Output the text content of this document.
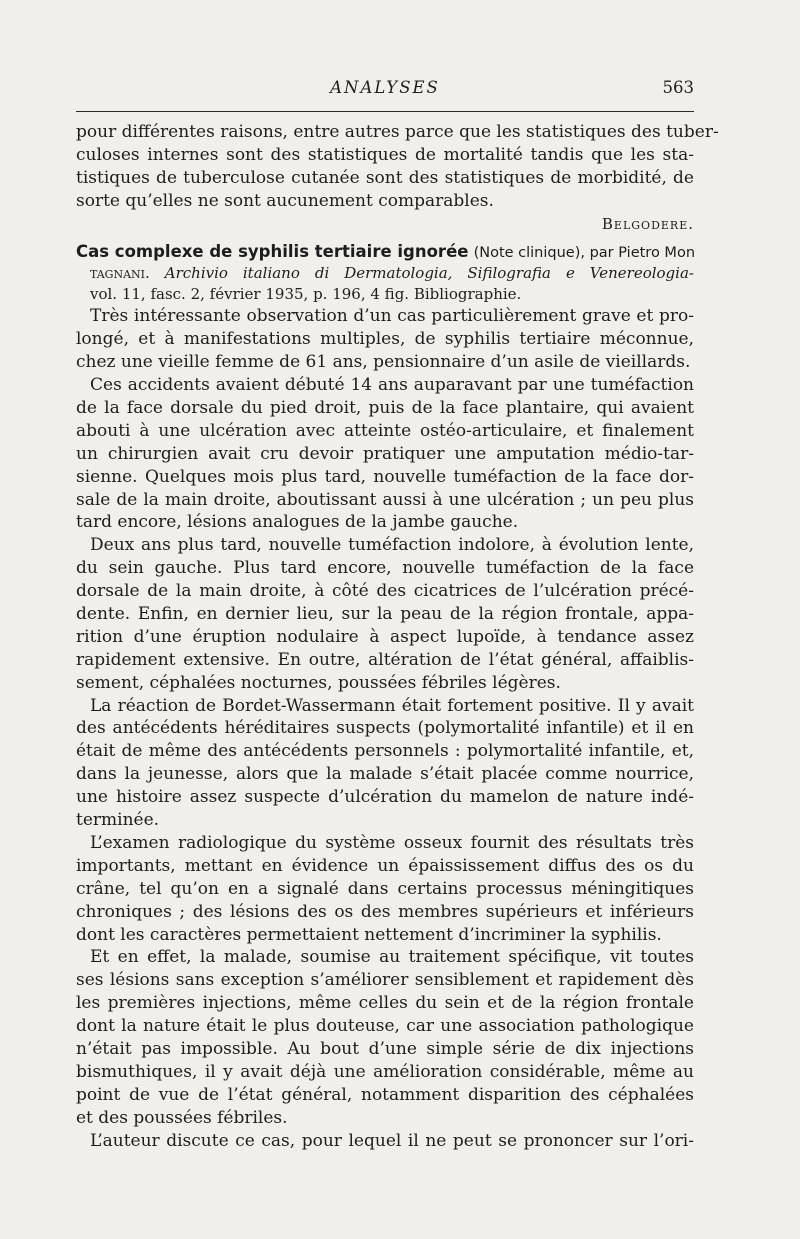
ANALYSES	563
pour différentes raisons, entre autres parce que les statistiques des tuber-
culoses internes sont des statistiques de mortalité tandis que les sta-
tistiques de tuberculose cutanée sont des statistiques de morbidité, de
sorte qu’elles ne sont aucunement comparables.
Belgodere.
Cas complexe de syphilis tertiaire ignorée (Note clinique), par Pietro Mon
tagnani. Archivio italiano di Dermatologia, Sifilografia e Venereologia-
vol. 11, fasc. 2, février 1935, p. 196, 4 fig. Bibliographie.
Très intéressante observation d’un cas particulièrement grave et pro-
longé, et à manifestations multiples, de syphilis tertiaire méconnue,
chez une vieille femme de 61 ans, pensionnaire d’un asile de vieillards.
Ces accidents avaient débuté 14 ans auparavant par une tuméfaction
de la face dorsale du pied droit, puis de la face plantaire, qui avaient
abouti à une ulcération avec atteinte ostéo-articulaire, et finalement
un chirurgien avait cru devoir pratiquer une amputation médio-tar-
sienne. Quelques mois plus tard, nouvelle tuméfaction de la face dor-
sale de la main droite, aboutissant aussi à une ulcération ; un peu plus
tard encore, lésions analogues de la jambe gauche.
Deux ans plus tard, nouvelle tuméfaction indolore, à évolution lente,
du sein gauche. Plus tard encore, nouvelle tuméfaction de la face
dorsale de la main droite, à côté des cicatrices de l’ulcération précé-
dente. Enfin, en dernier lieu, sur la peau de la région frontale, appa-
rition d’une éruption nodulaire à aspect lupoïde, à tendance assez
rapidement extensive. En outre, altération de l’état général, affaiblis-
sement, céphalées nocturnes, poussées fébriles légères.
La réaction de Bordet-Wassermann était fortement positive. Il y avait
des antécédents héréditaires suspects (polymortalité infantile) et il en
était de même des antécédents personnels : polymortalité infantile, et,
dans la jeunesse, alors que la malade s’était placée comme nourrice,
une histoire assez suspecte d’ulcération du mamelon de nature indé-
terminée.
L’examen radiologique du système osseux fournit des résultats très
importants, mettant en évidence un épaississement diffus des os du
crâne, tel qu’on en a signalé dans certains processus méningitiques
chroniques ; des lésions des os des membres supérieurs et inférieurs
dont les caractères permettaient nettement d’incriminer la syphilis.
Et en effet, la malade, soumise au traitement spécifique, vit toutes
ses lésions sans exception s’améliorer sensiblement et rapidement dès
les premières injections, même celles du sein et de la région frontale
dont la nature était le plus douteuse, car une association pathologique
n’était pas impossible. Au bout d’une simple série de dix injections
bismuthiques, il y avait déjà une amélioration considérable, même au
point de vue de l’état général, notamment disparition des céphalées
et des poussées fébriles.
L’auteur discute ce cas, pour lequel il ne peut se prononcer sur l’ori-
